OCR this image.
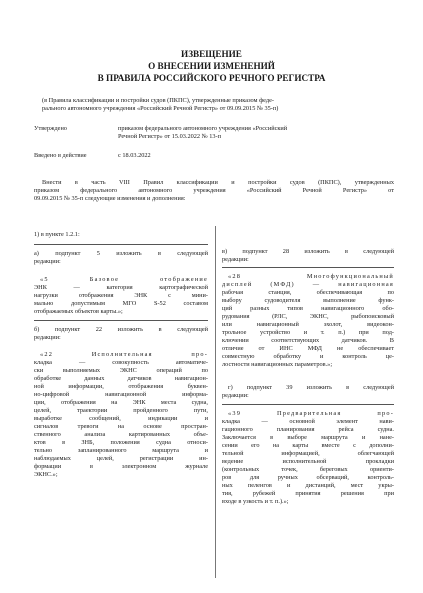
ИЗВЕЩЕНИЕ
О ВНЕСЕНИИ ИЗМЕНЕНИЙ
В ПРАВИЛА РОССИЙСКОГО РЕЧНОГО РЕГИСТРА
(в Правила классификации и постройки судов (ПКПС), утвержденные приказом феде-
рального автономного учреждения «Российский Речной Регистр» от 09.09.2015 № 35-п)
Утверждено	приказом федерального автономного учреждения «Российский
Речной Регистр» от 15.03.2022 № 13-п
Введено в действие	с 18.03.2022
Внести в часть VIII Правил классификации и постройки судов (ПКПС), утвержденных
приказом федерального автономного учреждения «Российский Речной Регистр» от
09.09.2015 № 35-п следующие изменения и дополнения:
1) в пункте 1.2.1:
а) подпункт 5 изложить в следующей
редакции:
«5 Базовое отображение
ЭНК — категория картографической
нагрузки отображения ЭНК с мини-
мально допустимым МГО S-52 составом
отображаемых объектов карты.»;
б) подпункт 22 изложить в следующей
редакции:
«22 Исполнительная про-
кладка — совокупность автоматиче-
ски выполняемых ЭКНС операций по
обработке данных датчиков навигацион-
ной информации, отображения буквен-
но-цифровой навигационной информа-
ции, отображения на ЭНК места судна,
целей, траектории пройденного пути,
выработке сообщений, индикации и
сигналов тревоги на основе простран-
ственного анализа картированных объе-
ктов в ЗНБ, положения судна относи-
тельно запланированного маршрута и
наблюдаемых целей, регистрации ин-
формации в электронном журнале
ЭКНС.»;
в) подпункт 28 изложить в следующей
редакции:
«28 Многофункциональный
дисплей (МФД) — навигационная
рабочая станция, обеспечивающая по
выбору судоводителя выполнение функ-
ций разных типов навигационного обо-
рудования (РЛС, ЭКНС, рыбопоисковый
или навигационный эхолот, видеокон-
трольное устройство и т. п.) при под-
ключении соответствующих датчиков. В
отличие от ИНС МФД не обеспечивает
совместную обработку и контроль це-
лостности навигационных параметров.»;
г) подпункт 39 изложить в следующей
редакции:
«39 Предварительная про-
кладка — основной элемент нави-
гационного планирования рейса судна.
Заключается в выборе маршрута и нане-
сении его на карты вместе с дополни-
тельной информацией, облегчающей
ведение исполнительной прокладки
(контрольных точек, береговых ориенти-
ров для ручных обсерваций, контроль-
ных пеленгов и дистанций, мест укры-
тия, рубежей принятия решения при
входе в узкость и т. п.).»;
